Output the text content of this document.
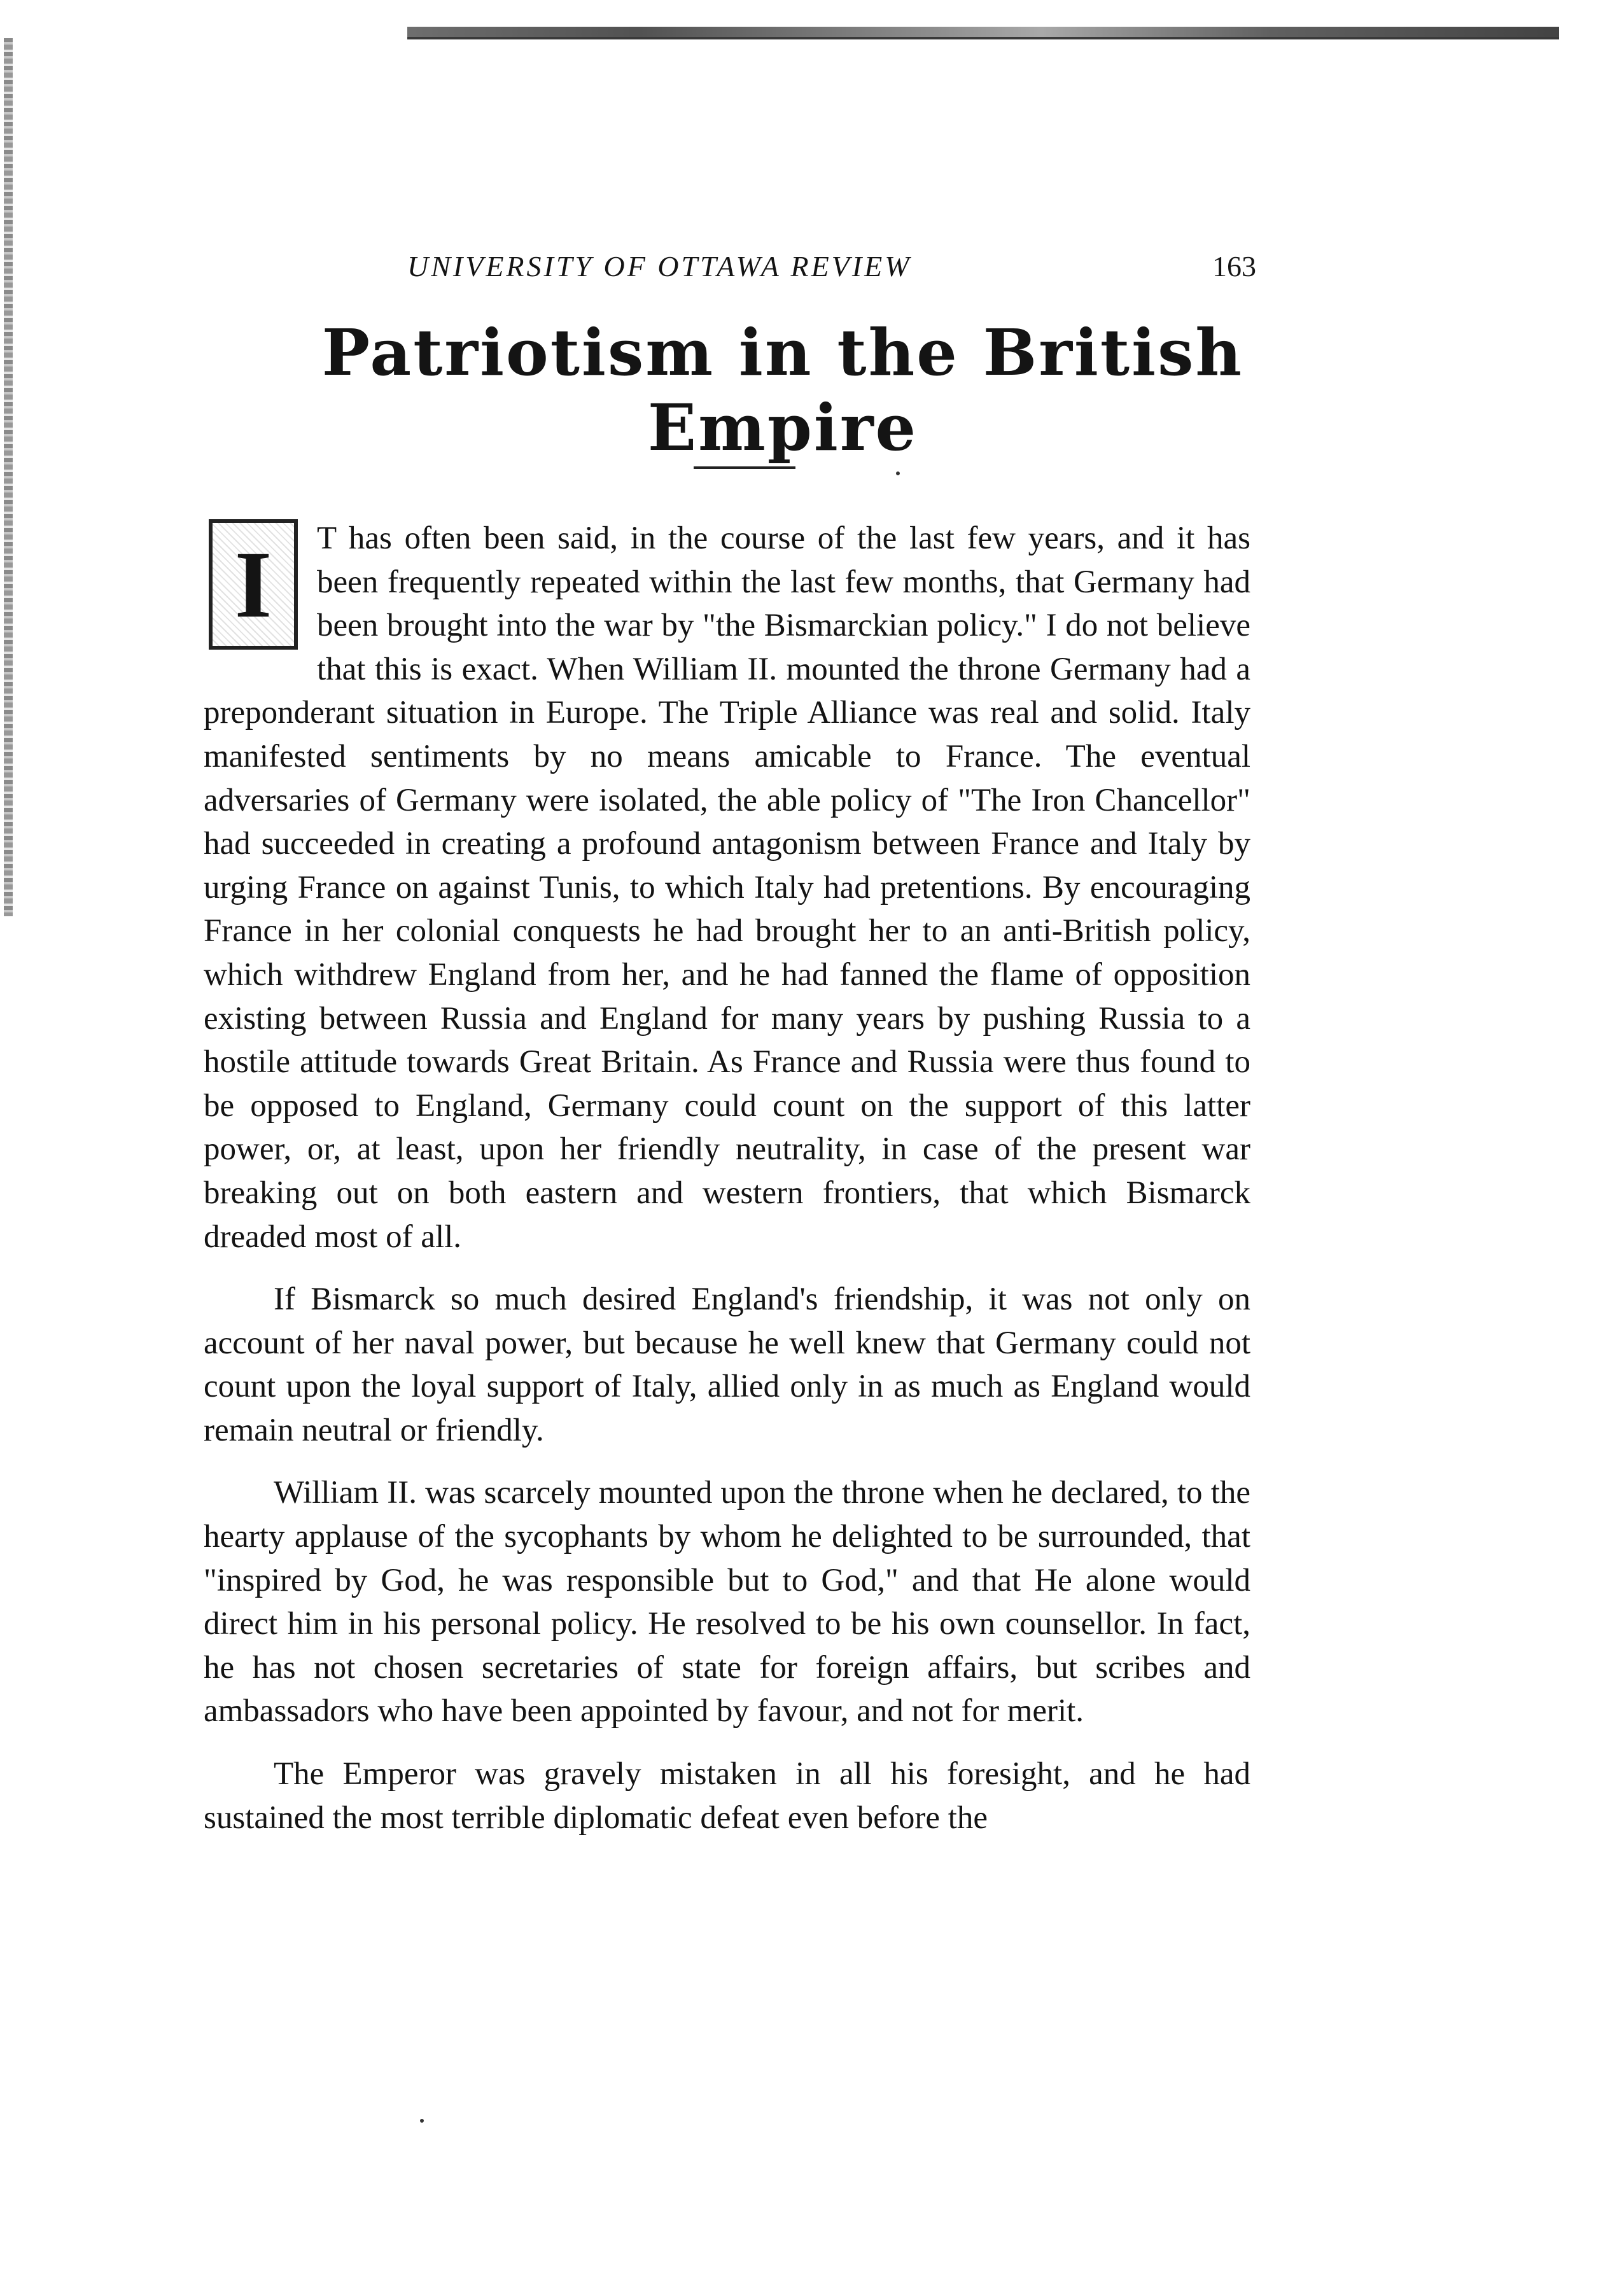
UNIVERSITY OF OTTAWA REVIEW	163
Patriotism in the British Empire

I	T has often been said, in the course of the last few years, and it has been frequently repeated within the last few months, that Germany had been brought into the war by "the Bismarckian policy." I do not believe that this is exact. When William II. mounted the throne Germany had a preponderant situation in Europe. The Triple Alliance was real and solid. Italy manifested sentiments by no means amicable to France. The eventual adversaries of Germany were isolated, the able policy of "The Iron Chancellor" had succeeded in creating a profound antagonism between France and Italy by urging France on against Tunis, to which Italy had pretentions. By encouraging France in her colonial conquests he had brought her to an anti-British policy, which withdrew England from her, and he had fanned the flame of opposition existing between Russia and England for many years by pushing Russia to a hostile attitude towards Great Britain. As France and Russia were thus found to be opposed to England, Germany could count on the support of this latter power, or, at least, upon her friendly neutrality, in case of the present war breaking out on both eastern and western frontiers, that which Bismarck dreaded most of all.

If Bismarck so much desired England's friendship, it was not only on account of her naval power, but because he well knew that Germany could not count upon the loyal support of Italy, allied only in as much as England would remain neutral or friendly.

William II. was scarcely mounted upon the throne when he declared, to the hearty applause of the sycophants by whom he delighted to be surrounded, that "inspired by God, he was responsible but to God," and that He alone would direct him in his personal policy. He resolved to be his own counsellor. In fact, he has not chosen secretaries of state for foreign affairs, but scribes and ambassadors who have been appointed by favour, and not for merit.

The Emperor was gravely mistaken in all his foresight, and he had sustained the most terrible diplomatic defeat even before the
